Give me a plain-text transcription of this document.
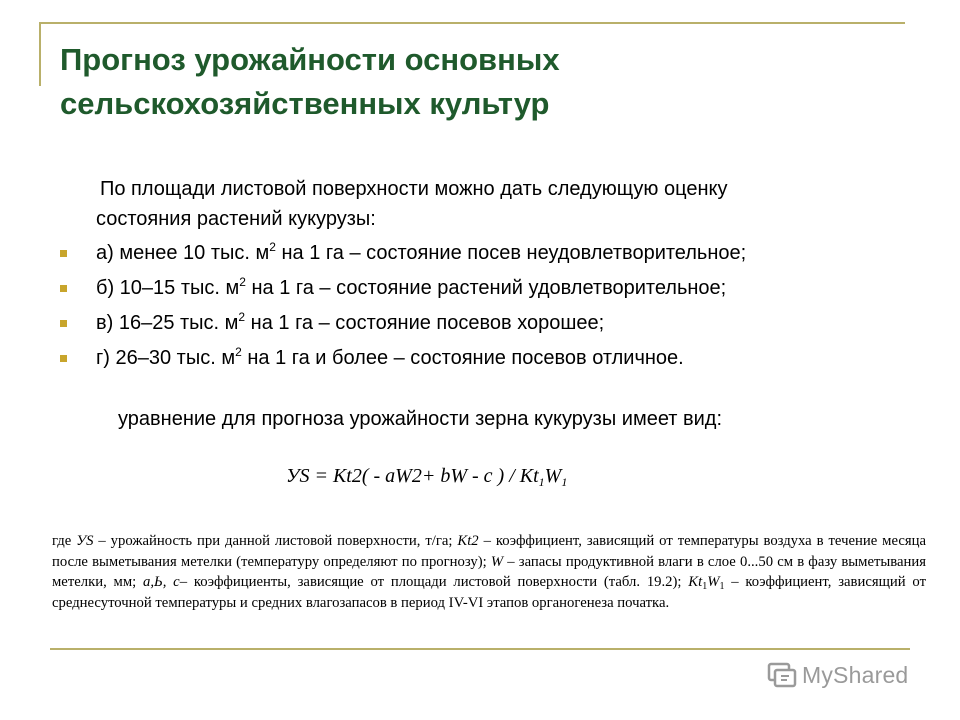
Прогноз урожайности основных
сельскохозяйственных культур

По площади листовой поверхности можно дать следующую оценку
состояния растений кукурузы:

а) менее 10 тыс. $м^2$ на 1 га – состояние посев неудовлетворительное;
б) 10–15 тыс. $м^2$ на 1 га – состояние растений удовлетворительное;
в) 16–25 тыс. $м^2$ на 1 га – состояние посевов хорошее;
г) 26–30 тыс. $м^2$ на 1 га и более – состояние посевов отличное.

уравнение для прогноза урожайности зерна кукурузы имеет вид:

УS = Kt2( - aW2+ bW - c ) / $Kt_1W_1$

где УS – урожайность при данной листовой поверхности, т/га; Kt2 – коэффициент, зависящий от температуры воздуха в течение месяца после выметывания метелки (температуру определяют по прогнозу); W – запасы продуктивной влаги в слое 0...50 см в фазу выметывания метелки, мм; a,Ь, c– коэффициенты, зависящие от площади листовой поверхности (табл. 19.2); $Kt_1W_1$ – коэффициент, зависящий от среднесуточной температуры и средних влагозапасов в период IV-VI этапов органогенеза початка.

MyShared
